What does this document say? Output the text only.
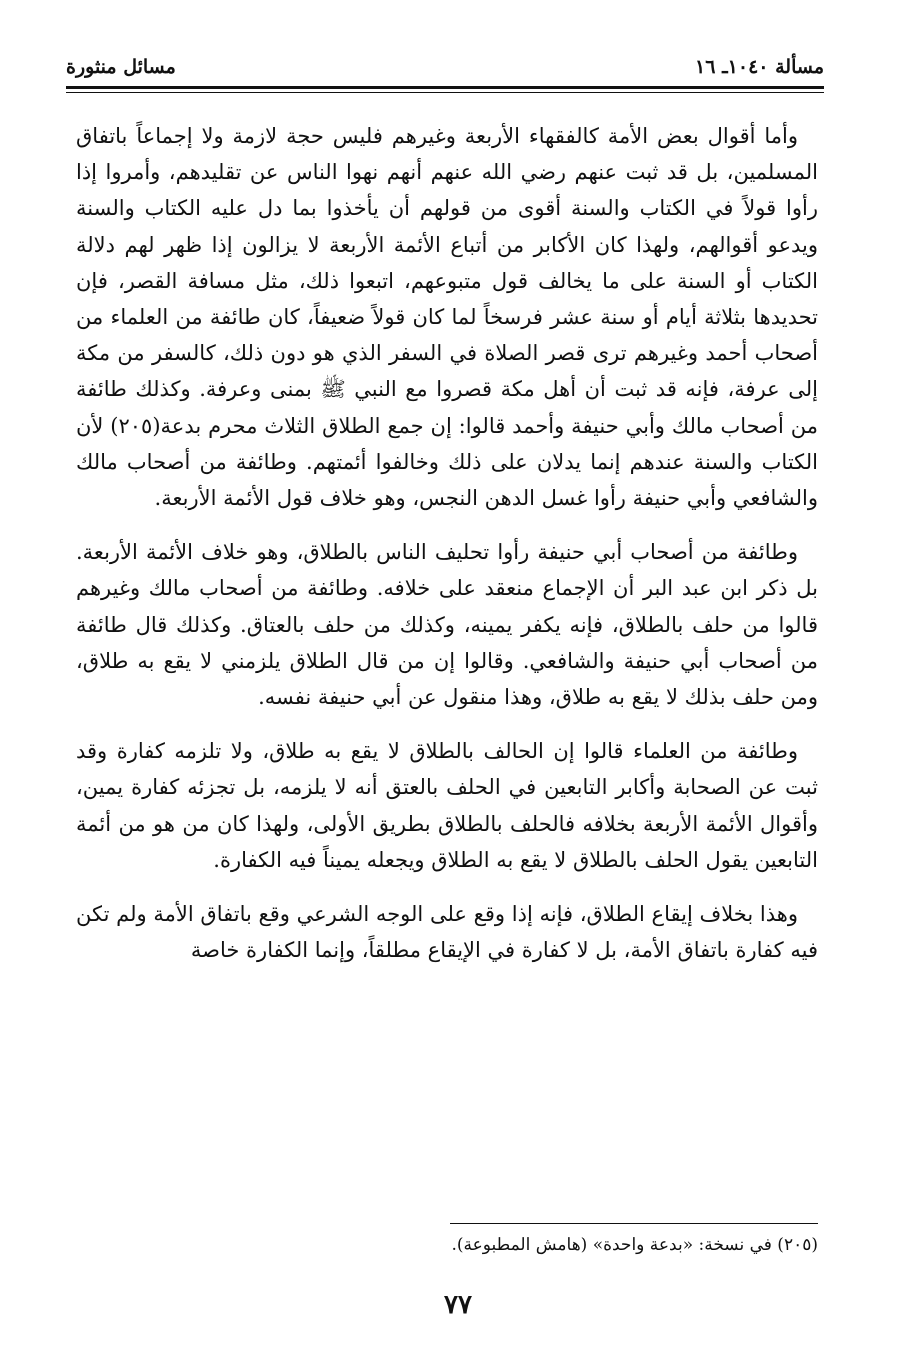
مسألة ١٠٤٠ـ ١٦
مسائل منثورة

وأما أقوال بعض الأمة كالفقهاء الأربعة وغيرهم فليس حجة لازمة ولا إجماعاً باتفاق المسلمين، بل قد ثبت عنهم رضي الله عنهم أنهم نهوا الناس عن تقليدهم، وأمروا إذا رأوا قولاً في الكتاب والسنة أقوى من قولهم أن يأخذوا بما دل عليه الكتاب والسنة ويدعو أقوالهم، ولهذا كان الأكابر من أتباع الأئمة الأربعة لا يزالون إذا ظهر لهم دلالة الكتاب أو السنة على ما يخالف قول متبوعهم، اتبعوا ذلك، مثل مسافة القصر، فإن تحديدها بثلاثة أيام أو سنة عشر فرسخاً لما كان قولاً ضعيفاً، كان طائفة من العلماء من أصحاب أحمد وغيرهم ترى قصر الصلاة في السفر الذي هو دون ذلك، كالسفر من مكة إلى عرفة، فإنه قد ثبت أن أهل مكة قصروا مع النبي ﷺ بمنى وعرفة. وكذلك طائفة من أصحاب مالك وأبي حنيفة وأحمد قالوا: إن جمع الطلاق الثلاث محرم بدعة(٢٠٥) لأن الكتاب والسنة عندهم إنما يدلان على ذلك وخالفوا أئمتهم. وطائفة من أصحاب مالك والشافعي وأبي حنيفة رأوا غسل الدهن النجس، وهو خلاف قول الأئمة الأربعة.

وطائفة من أصحاب أبي حنيفة رأوا تحليف الناس بالطلاق، وهو خلاف الأئمة الأربعة. بل ذكر ابن عبد البر أن الإجماع منعقد على خلافه. وطائفة من أصحاب مالك وغيرهم قالوا من حلف بالطلاق، فإنه يكفر يمينه، وكذلك من حلف بالعتاق. وكذلك قال طائفة من أصحاب أبي حنيفة والشافعي. وقالوا إن من قال الطلاق يلزمني لا يقع به طلاق، ومن حلف بذلك لا يقع به طلاق، وهذا منقول عن أبي حنيفة نفسه.

وطائفة من العلماء قالوا إن الحالف بالطلاق لا يقع به طلاق، ولا تلزمه كفارة وقد ثبت عن الصحابة وأكابر التابعين في الحلف بالعتق أنه لا يلزمه، بل تجزئه كفارة يمين، وأقوال الأئمة الأربعة بخلافه فالحلف بالطلاق بطريق الأولى، ولهذا كان من هو من أئمة التابعين يقول الحلف بالطلاق لا يقع به الطلاق ويجعله يميناً فيه الكفارة.

وهذا بخلاف إيقاع الطلاق، فإنه إذا وقع على الوجه الشرعي وقع باتفاق الأمة ولم تكن فيه كفارة باتفاق الأمة، بل لا كفارة في الإيقاع مطلقاً، وإنما الكفارة خاصة

(٢٠٥) في نسخة: «بدعة واحدة» (هامش المطبوعة).
٧٧
